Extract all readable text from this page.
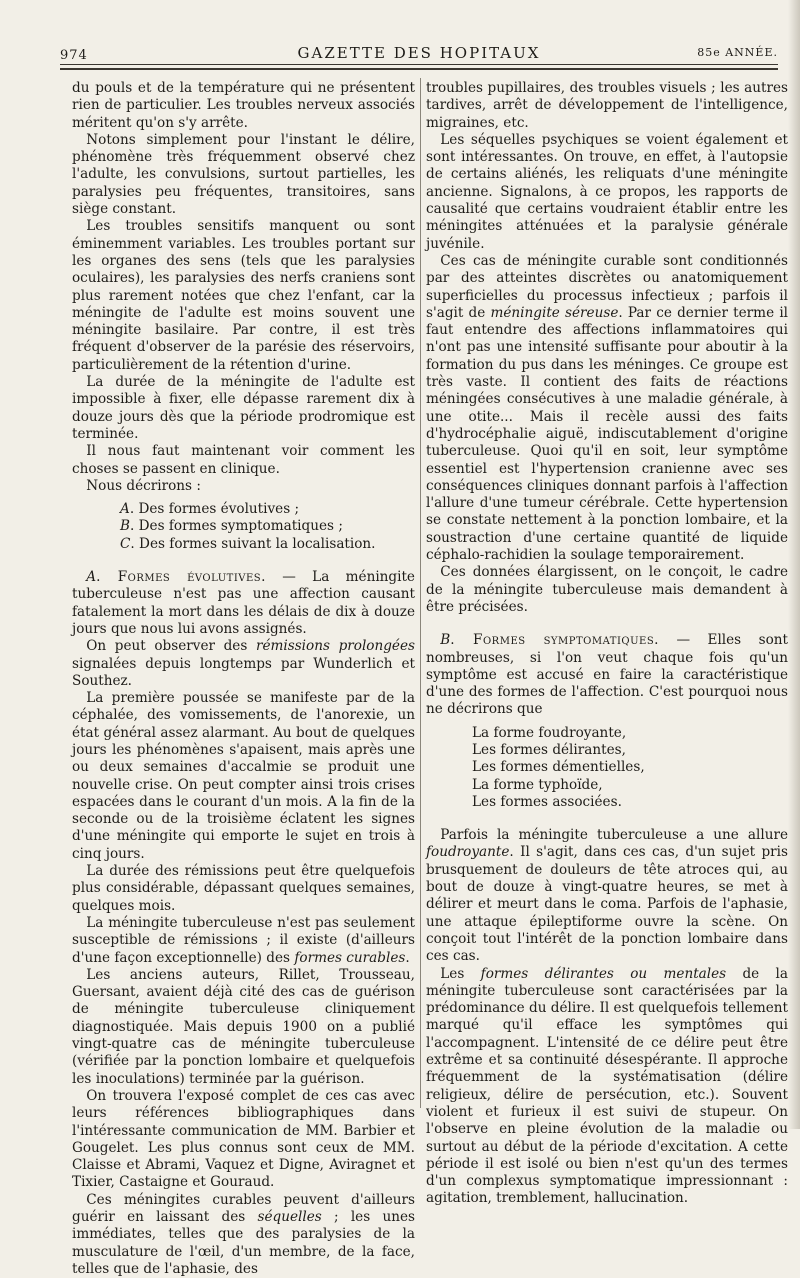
974	GAZETTE DES HOPITAUX	85e ANNÉE.

du pouls et de la température qui ne présentent rien de particulier. Les troubles nerveux associés méritent qu'on s'y arrête.

Notons simplement pour l'instant le délire, phénomène très fréquemment observé chez l'adulte, les convulsions, surtout partielles, les paralysies peu fréquentes, transitoires, sans siège constant.

Les troubles sensitifs manquent ou sont éminemment variables. Les troubles portant sur les organes des sens (tels que les paralysies oculaires), les paralysies des nerfs craniens sont plus rarement notées que chez l'enfant, car la méningite de l'adulte est moins souvent une méningite basilaire. Par contre, il est très fréquent d'observer de la parésie des réservoirs, particulièrement de la rétention d'urine.

La durée de la méningite de l'adulte est impossible à fixer, elle dépasse rarement dix à douze jours dès que la période prodromique est terminée.

Il nous faut maintenant voir comment les choses se passent en clinique.

Nous décrirons :

A. Des formes évolutives ;

B. Des formes symptomatiques ;

C. Des formes suivant la localisation.

A. Formes évolutives. — La méningite tuberculeuse n'est pas une affection causant fatalement la mort dans les délais de dix à douze jours que nous lui avons assignés.

On peut observer des rémissions prolongées signalées depuis longtemps par Wunderlich et Southez.

La première poussée se manifeste par de la céphalée, des vomissements, de l'anorexie, un état général assez alarmant. Au bout de quelques jours les phénomènes s'apaisent, mais après une ou deux semaines d'accalmie se produit une nouvelle crise. On peut compter ainsi trois crises espacées dans le courant d'un mois. A la fin de la seconde ou de la troisième éclatent les signes d'une méningite qui emporte le sujet en trois à cinq jours.

La durée des rémissions peut être quelquefois plus considérable, dépassant quelques semaines, quelques mois.

La méningite tuberculeuse n'est pas seulement susceptible de rémissions ; il existe (d'ailleurs d'une façon exceptionnelle) des formes curables.

Les anciens auteurs, Rillet, Trousseau, Guersant, avaient déjà cité des cas de guérison de méningite tuberculeuse cliniquement diagnostiquée. Mais depuis 1900 on a publié vingt-quatre cas de méningite tuberculeuse (vérifiée par la ponction lombaire et quelquefois les inoculations) terminée par la guérison.

On trouvera l'exposé complet de ces cas avec leurs références bibliographiques dans l'intéressante communication de MM. Barbier et Gougelet. Les plus connus sont ceux de MM. Claisse et Abrami, Vaquez et Digne, Aviragnet et Tixier, Castaigne et Gouraud.

Ces méningites curables peuvent d'ailleurs guérir en laissant des séquelles ; les unes immédiates, telles que des paralysies de la musculature de l'œil, d'un membre, de la face, telles que de l'aphasie, des

troubles pupillaires, des troubles visuels ; les autres tardives, arrêt de développement de l'intelligence, migraines, etc.

Les séquelles psychiques se voient également et sont intéressantes. On trouve, en effet, à l'autopsie de certains aliénés, les reliquats d'une méningite ancienne. Signalons, à ce propos, les rapports de causalité que certains voudraient établir entre les méningites atténuées et la paralysie générale juvénile.

Ces cas de méningite curable sont conditionnés par des atteintes discrètes ou anatomiquement superficielles du processus infectieux ; parfois il s'agit de méningite séreuse. Par ce dernier terme il faut entendre des affections inflammatoires qui n'ont pas une intensité suffisante pour aboutir à la formation du pus dans les méninges. Ce groupe est très vaste. Il contient des faits de réactions méningées consécutives à une maladie générale, à une otite... Mais il recèle aussi des faits d'hydrocéphalie aiguë, indiscutablement d'origine tuberculeuse. Quoi qu'il en soit, leur symptôme essentiel est l'hypertension cranienne avec ses conséquences cliniques donnant parfois à l'affection l'allure d'une tumeur cérébrale. Cette hypertension se constate nettement à la ponction lombaire, et la soustraction d'une certaine quantité de liquide céphalo-rachidien la soulage temporairement.

Ces données élargissent, on le conçoit, le cadre de la méningite tuberculeuse mais demandent à être précisées.

B. Formes symptomatiques. — Elles sont nombreuses, si l'on veut chaque fois qu'un symptôme est accusé en faire la caractéristique d'une des formes de l'affection. C'est pourquoi nous ne décrirons que

La forme foudroyante,

Les formes délirantes,

Les formes démentielles,

La forme typhoïde,

Les formes associées.

Parfois la méningite tuberculeuse a une allure foudroyante. Il s'agit, dans ces cas, d'un sujet pris brusquement de douleurs de tête atroces qui, au bout de douze à vingt-quatre heures, se met à délirer et meurt dans le coma. Parfois de l'aphasie, une attaque épileptiforme ouvre la scène. On conçoit tout l'intérêt de la ponction lombaire dans ces cas.

Les formes délirantes ou mentales de la méningite tuberculeuse sont caractérisées par la prédominance du délire. Il est quelquefois tellement marqué qu'il efface les symptômes qui l'accompagnent. L'intensité de ce délire peut être extrême et sa continuité désespérante. Il approche fréquemment de la systématisation (délire religieux, délire de persécution, etc.). Souvent violent et furieux il est suivi de stupeur. On l'observe en pleine évolution de la maladie ou surtout au début de la période d'excitation. A cette période il est isolé ou bien n'est qu'un des termes d'un complexus symptomatique impressionnant : agitation, tremblement, hallucination.
